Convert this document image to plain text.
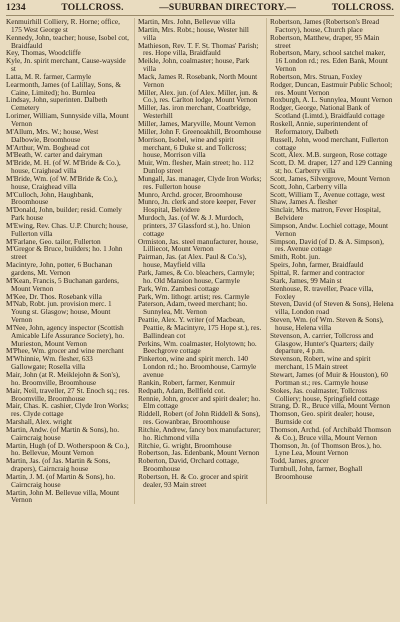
1234	TOLLCROSS.	—SUBURBAN DIRECTORY.—	TOLLCROSS.

Kenmuirhill Colliery, R. Horne; office, 175 West George st

Kennedy, John, teacher; house, Isobel cot, Braidfauld

Key, Thomas, Woodcliffe

Kyle, Jn. spirit merchant, Cause-wayside st

Latta, M. R. farmer, Carmyle

Learmonth, James (of Lalillay, Sons, & Caine, Limited); ho. Burnlea

Lindsay, John, superinten. Dalbeth Cemetery

Lorimer, William, Sunnyside villa, Mount Vernon

M'Allum, Mrs. W.; house, West Dalbowie, Broomhouse

M'Arthur, Wm. Boghead cot

M'Beath, W. carter and dairyman

M'Bride, M. H. (of W. M'Bride & Co.), house, Craighead villa

M'Bride, Wm. (of W. M'Bride & Co.), house, Craighead villa

M'Culloch, John, Haughbank, Broomhouse

M'Donald, John, builder; resid. Comely Park house

M'Ewing, Rev. Chas. U.P. Church; house, Fullerton villa

M'Farlane, Geo. tailor, Fullerton

M'Gregor & Bruce, builders; ho. 1 John street

Macintyre, John, potter, 6 Buchanan gardens, Mt. Vernon

M'Kean, Francis, 5 Buchanan gardens, Mount Vernon

M'Kee, Dr. Thos. Rosebank villa

M'Nab, Robt. jun. provision merc. 1 Young st. Glasgow; house, Mount Vernon

M'Nee, John, agency inspector (Scottish Amicable Life Assurance Society), ho. Murieston, Mount Vernon

M'Phee, Wm. grocer and wine merchant

M'Whinnie, Wm. flesher, 633 Gallowgate; Rosella villa

Mair, John (at R. Meiklejohn & Son's), ho. Broomville, Broomhouse

Mair, Neil, traveller, 27 St. Enoch sq.; res. Broomville, Broomhouse

Mair, Chas. K. cashier, Clyde Iron Works; res. Clyde cottage

Marshall, Alex. wright

Martin, Andw. (of Martin & Sons), ho. Cairncraig house

Martin, Hugh (of D. Wotherspoon & Co.), ho. Bellevue, Mount Vernon

Martin, Jas. (of Jas. Martin & Sons, drapers), Cairncraig house

Martin, J. M. (of Martin & Sons), ho. Cairncraig house

Martin, John M. Bellevue villa, Mount Vernon

Martin, Mrs. John, Bellevue villa

Martin, Mrs. Robt.; house, Wester hill villa

Mathieson, Rev. T. F. St. Thomas' Parish; res. Hope villa, Braidfauld

Meikle, John, coalmaster; house, Park villa

Mack, James R. Rosebank, North Mount Vernon

Miller, Alex. jun. (of Alex. Miller, jun. & Co.), res. Carlton lodge, Mount Vernon

Miller, Jas. iron merchant, Coatbridge, Westerhill

Miller, James, Maryville, Mount Vernon

Miller, John F. Greenoakhill, Broomhouse

Morrison, Isobel, wine and spirit merchant, 6 Duke st. and Tollcross; house, Morrison villa

Muir, Wm. flesher, Main street; ho. 112 Dunlop street

Mungall, Jas. manager, Clyde Iron Works; res. Fullerton house

Munro, Archd. grocer, Broomhouse

Munro, Jn. clerk and store keeper, Fever Hospital, Belvidere

Murdoch, Jas. (of W. & J. Murdoch, printers, 37 Glassford st.), ho. Union cottage

Ormiston, Jas. steel manufacturer, house, Lilliecot, Mount Vernon

Pairman, Jas. (at Alex. Paul & Co.'s), house, Mayfield villa

Park, James, & Co. bleachers, Carmyle; ho. Old Mansion house, Carmyle

Park, Wm. Zambesi cottage

Park, Wm. lithogr. artist; res. Carmyle

Paterson, Adam, tweed merchant; ho. Sunnylea, Mt. Vernon

Peattie, Alex. Y. writer (of Macbean, Peattie, & Macintyre, 175 Hope st.), res. Ballindean cot

Perkins, Wm. coalmaster, Holytown; ho. Beechgrove cottage

Pinkerton, wine and spirit merch. 140 London rd.; ho. Broomhouse, Carmyle avenue

Rankin, Robert, farmer, Kenmuir

Redpath, Adam, Bellfield cot.

Rennie, John, grocer and spirit dealer; ho. Elm cottage

Riddell, Robert (of John Riddell & Sons), res. Gowanbrae, Broomhouse

Ritchie, Andrew, fancy box manufacturer; ho. Richmond villa

Ritchie, G. wright, Broomhouse

Robertson, Jas. Edenbank, Mount Vernon

Roberton, David, Orchard cottage, Broomhouse

Robertson, H. & Co. grocer and spirit dealer, 93 Main street

Robertson, James (Robertson's Bread Factory), house, Church place

Robertson, Matthew, draper, 95 Main street

Robertson, Mary, school satchel maker, 16 London rd.; res. Eden Bank, Mount Vernon

Robertson, Mrs. Struan, Foxley

Rodger, Duncan, Eastmuir Public School; res. Mount Vernon

Roxburgh, A. L. Sunnylea, Mount Vernon

Rodger, George, National Bank of Scotland (Limtd.), Braidfauld cottage

Roskell, Annie, superintendent of Reformatory, Dalbeth

Russell, John, wood merchant, Fullerton cottage

Scott, Alex. M.B. surgeon, Rose cottage

Scott, D. M. draper, 127 and 129 Canning st; ho. Carberry villa

Scott, James, Silvergrove, Mount Vernon

Scott, John, Carberry villa

Scott, William T., Avenue cottage, west

Shaw, James A. flesher

Sinclair, Mrs. matron, Fever Hospital, Belvidere

Simpson, Andw. Lochiel cottage, Mount Vernon

Simpson, David (of D. & A. Simpson), res. Avenue cottage

Smith, Robt. jun.

Speirs, John, farmer, Braidfauld

Spittal, R. farmer and contractor

Stark, James, 99 Main st

Stenhouse, R. traveller, Peace villa, Foxley

Steven, David (of Steven & Sons), Helena villa, London road

Steven, Wm. (of Wm. Steven & Sons), house, Helena villa

Stevenson, A. carrier, Tollcross and Glasgow, Hunter's Quarters; daily departure, 4 p.m.

Stevenson, Robert, wine and spirit merchant, 15 Main street

Stewart, James (of Muir & Houston), 60 Portman st.; res. Carmyle house

Stokes, Jas. coalmaster, Tollcross Colliery; house, Springfield cottage

Strang, D. R., Bruce villa, Mount Vernon

Thomson, Geo. spirit dealer; house, Burnside cot

Thomson, Archd. (of Archibald Thomson & Co.), Bruce villa, Mount Vernon

Thomson, Jn. (of Thomson Bros.), ho. Lyne Lea, Mount Vernon

Todd, James, grocer

Turnbull, John, farmer, Boghall Broomhouse
